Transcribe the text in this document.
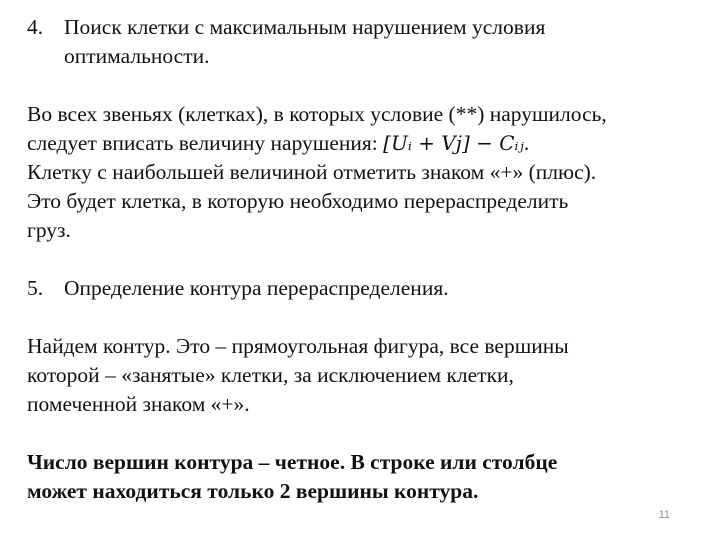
4. Поиск клетки с максимальным нарушением условия
оптимальности.
Во всех звеньях (клетках), в которых условие (**) нарушилось,
следует вписать величину нарушения: [Uᵢ + Vj] − Cᵢⱼ.
Клетку с наибольшей величиной отметить знаком «+» (плюс).
Это будет клетка, в которую необходимо перераспределить
груз.
5. Определение контура перераспределения.
Найдем контур. Это – прямоугольная фигура, все вершины
которой – «занятые» клетки, за исключением клетки,
помеченной знаком «+».
Число вершин контура – четное. В строке или столбце
может находиться только 2 вершины контура.
11
